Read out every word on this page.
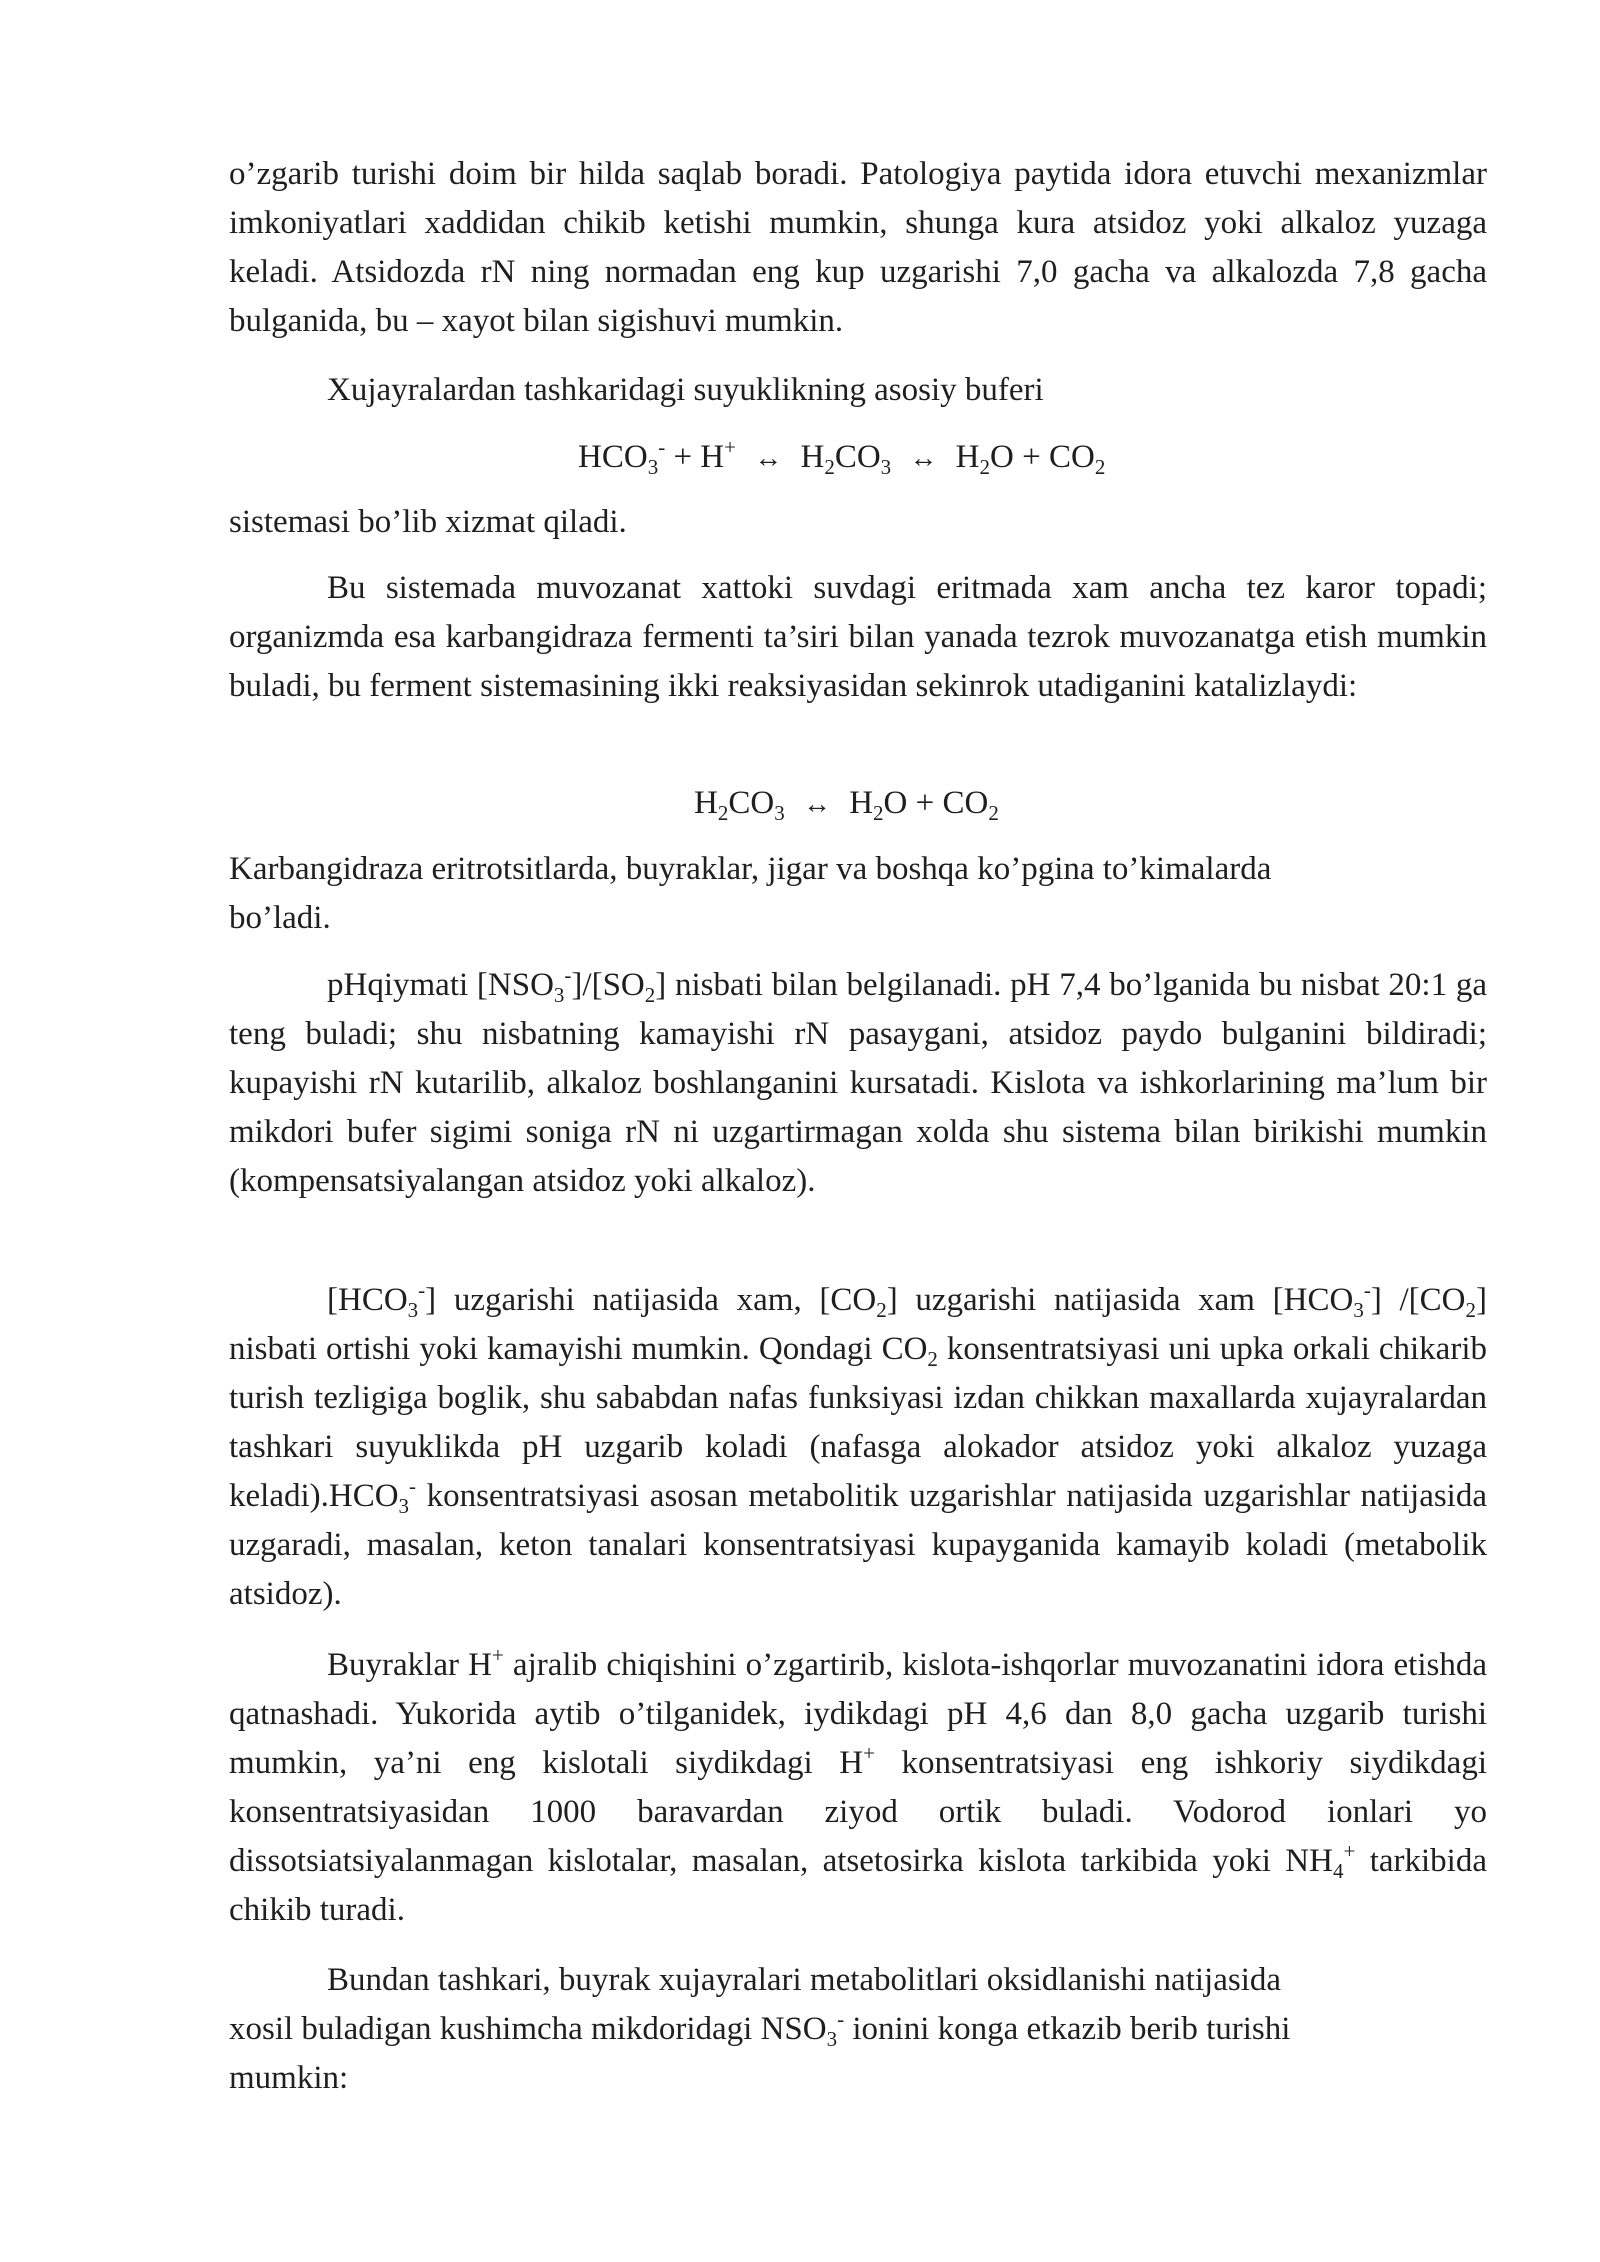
o’zgarib turishi doim bir hilda saqlab boradi. Patologiya paytida idora etuvchi mexanizmlar imkoniyatlari xaddidan chikib ketishi mumkin, shunga kura atsidoz yoki alkaloz yuzaga keladi. Atsidozda rN ning normadan eng kup uzgarishi 7,0 gacha va alkalozda 7,8 gacha bulganida, bu – xayot bilan sigishuvi mumkin.

Xujayralardan tashkaridagi suyuklikning asosiy buferi

$HCO_3^- + H^+$ ↔ $H_2CO_3$ ↔ $H_2O + CO_2$

sistemasi bo’lib xizmat qiladi.

Bu sistemada muvozanat xattoki suvdagi eritmada xam ancha tez karor topadi; organizmda esa karbangidraza fermenti ta’siri bilan yanada tezrok muvozanatga etish mumkin buladi, bu ferment sistemasining ikki reaksiyasidan sekinrok utadiganini katalizlaydi:

$H_2CO_3$ ↔ $H_2O + CO_2$

Karbangidraza eritrotsitlarda, buyraklar, jigar va boshqa ko’pgina to’kimalarda

bo’ladi.

pHqiymati $[NSO_3^-]/[SO_2]$ nisbati bilan belgilanadi. pH 7,4 bo’lganida bu nisbat 20:1 ga teng buladi; shu nisbatning kamayishi rN pasaygani, atsidoz paydo bulganini bildiradi; kupayishi rN kutarilib, alkaloz boshlanganini kursatadi. Kislota va ishkorlarining ma’lum bir mikdori bufer sigimi soniga rN ni uzgartirmagan xolda shu sistema bilan birikishi mumkin (kompensatsiyalangan atsidoz yoki alkaloz).

$[HCO_3^-]$ uzgarishi natijasida xam, $[CO_2]$ uzgarishi natijasida xam $[HCO_3^-]$ $/[CO_2]$ nisbati ortishi yoki kamayishi mumkin. Qondagi $CO_2$ konsentratsiyasi uni upka orkali chikarib turish tezligiga boglik, shu sababdan nafas funksiyasi izdan chikkan maxallarda xujayralardan tashkari suyuklikda pH uzgarib koladi (nafasga alokador atsidoz yoki alkaloz yuzaga $keladi).HCO_3^-$ konsentratsiyasi asosan metabolitik uzgarishlar natijasida uzgarishlar natijasida uzgaradi, masalan, keton tanalari konsentratsiyasi kupayganida kamayib koladi (metabolik atsidoz).

Buyraklar H+ ajralib chiqishini o’zgartirib, kislota-ishqorlar muvozanatini idora etishda qatnashadi. Yukorida aytib o’tilganidek, iydikdagi pH 4,6 dan 8,0 gacha uzgarib turishi mumkin, ya’ni eng kislotali siydikdagi H+ konsentratsiyasi eng ishkoriy siydikdagi konsentratsiyasidan 1000 baravardan ziyod ortik buladi. Vodorod ionlari yo dissotsiatsiyalanmagan kislotalar, masalan, atsetosirka kislota tarkibida yoki $NH_4^+$ tarkibida chikib turadi.

Bundan tashkari, buyrak xujayralari metabolitlari oksidlanishi natijasida

xosil buladigan kushimcha mikdoridagi $NSO_3^-$ ionini konga etkazib berib turishi

mumkin:
